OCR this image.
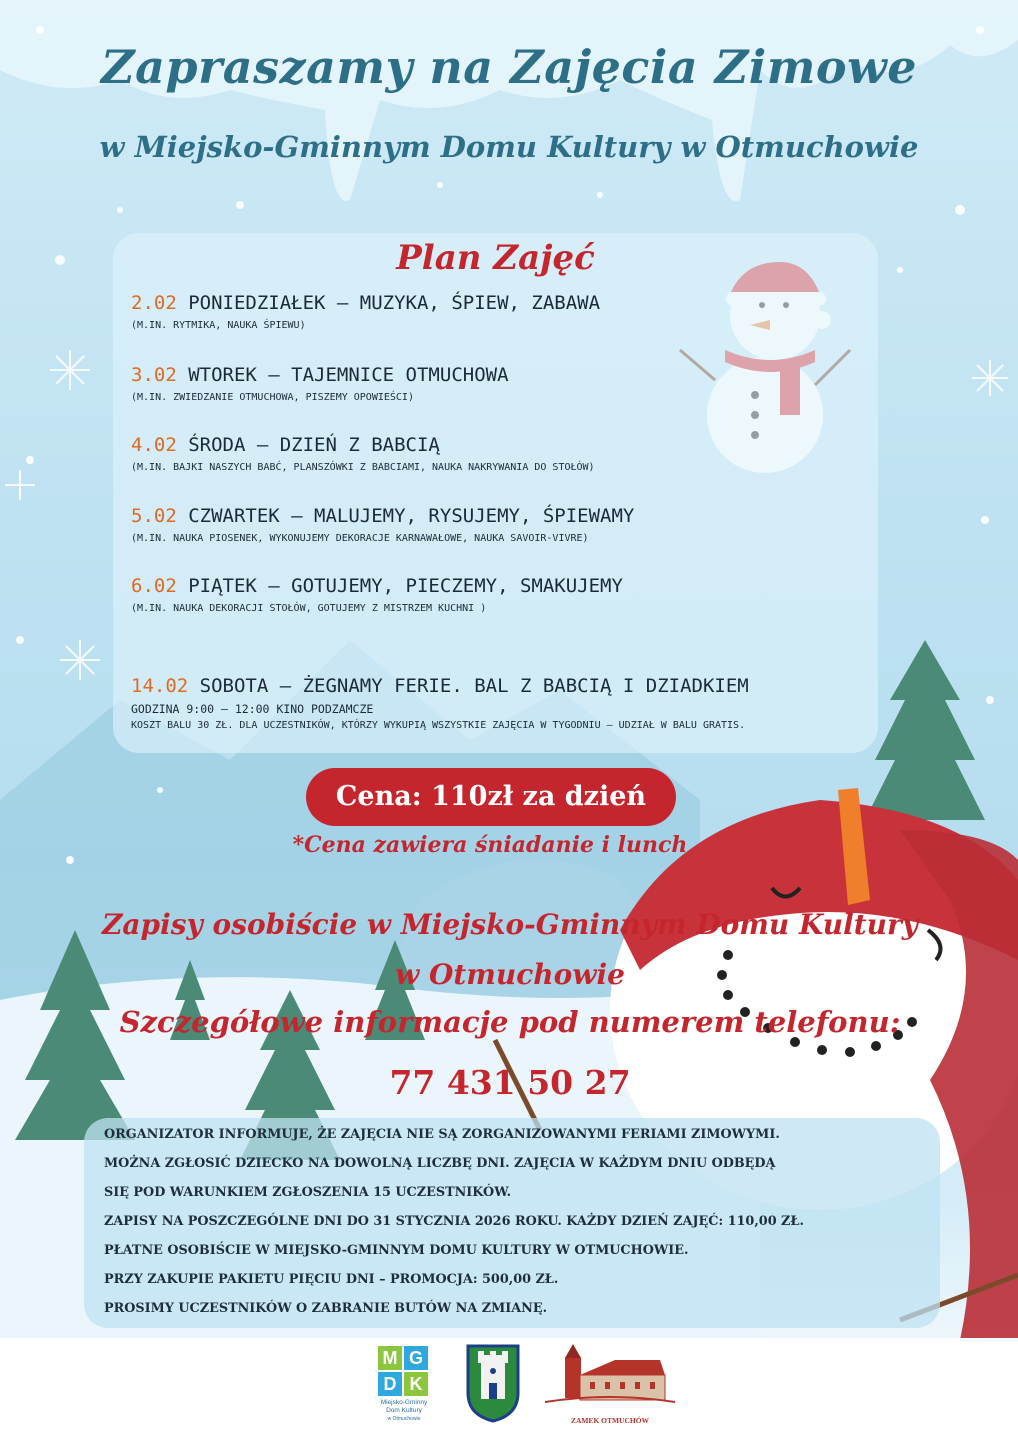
Zapraszamy na Zajęcia Zimowe
w Miejsko-Gminnym Domu Kultury w Otmuchowie
Plan Zajęć
2.02 PONIEDZIAŁEK – MUZYKA, ŚPIEW, ZABAWA
(M.IN. RYTMIKA, NAUKA ŚPIEWU)
3.02 WTOREK – TAJEMNICE OTMUCHOWA
(M.IN. ZWIEDZANIE OTMUCHOWA, PISZEMY OPOWIEŚCI)
4.02 ŚRODA – DZIEŃ Z BABCIĄ
(M.IN. BAJKI NASZYCH BABĆ, PLANSZÓWKI Z BABCIAMI, NAUKA NAKRYWANIA DO STOŁÓW)
5.02 CZWARTEK – MALUJEMY, RYSUJEMY, ŚPIEWAMY
(M.IN. NAUKA PIOSENEK, WYKONUJEMY DEKORACJE KARNAWAŁOWE, NAUKA SAVOIR-VIVRE)
6.02 PIĄTEK – GOTUJEMY, PIECZEMY, SMAKUJEMY
(M.IN. NAUKA DEKORACJI STOŁÓW, GOTUJEMY Z MISTRZEM KUCHNI )
14.02 SOBOTA – ŻEGNAMY FERIE. BAL Z BABCIĄ I DZIADKIEM
GODZINA 9:00 – 12:00 KINO PODZAMCZE
KOSZT BALU 30 ZŁ. DLA UCZESTNIKÓW, KTÓRZY WYKUPIĄ WSZYSTKIE ZAJĘCIA W TYGODNIU – UDZIAŁ W BALU GRATIS.
Cena: 110zł za dzień
*Cena zawiera śniadanie i lunch
Zapisy osobiście w Miejsko-Gminnym Domu Kultury
w Otmuchowie
Szczegółowe informacje pod numerem telefonu:
77 431 50 27
ORGANIZATOR INFORMUJE, ŻE ZAJĘCIA NIE SĄ ZORGANIZOWANYMI FERIAMI ZIMOWYMI.
MOŻNA ZGŁOSIĆ DZIECKO NA DOWOLNĄ LICZBĘ DNI. ZAJĘCIA W KAŻDYM DNIU ODBĘDĄ
SIĘ POD WARUNKIEM ZGŁOSZENIA 15 UCZESTNIKÓW.
ZAPISY NA POSZCZEGÓLNE DNI DO 31 STYCZNIA 2026 ROKU. KAŻDY DZIEŃ ZAJĘĆ: 110,00 ZŁ.
PŁATNE OSOBIŚCIE W MIEJSKO-GMINNYM DOMU KULTURY W OTMUCHOWIE.
PRZY ZAKUPIE PAKIETU PIĘCIU DNI – PROMOCJA: 500,00 ZŁ.
PROSIMY UCZESTNIKÓW O ZABRANIE BUTÓW NA ZMIANĘ.
M G
D K
Miejsko-Gminny
Dom Kultury
w Otmuchowie	ZAMEK OTMUCHÓW
